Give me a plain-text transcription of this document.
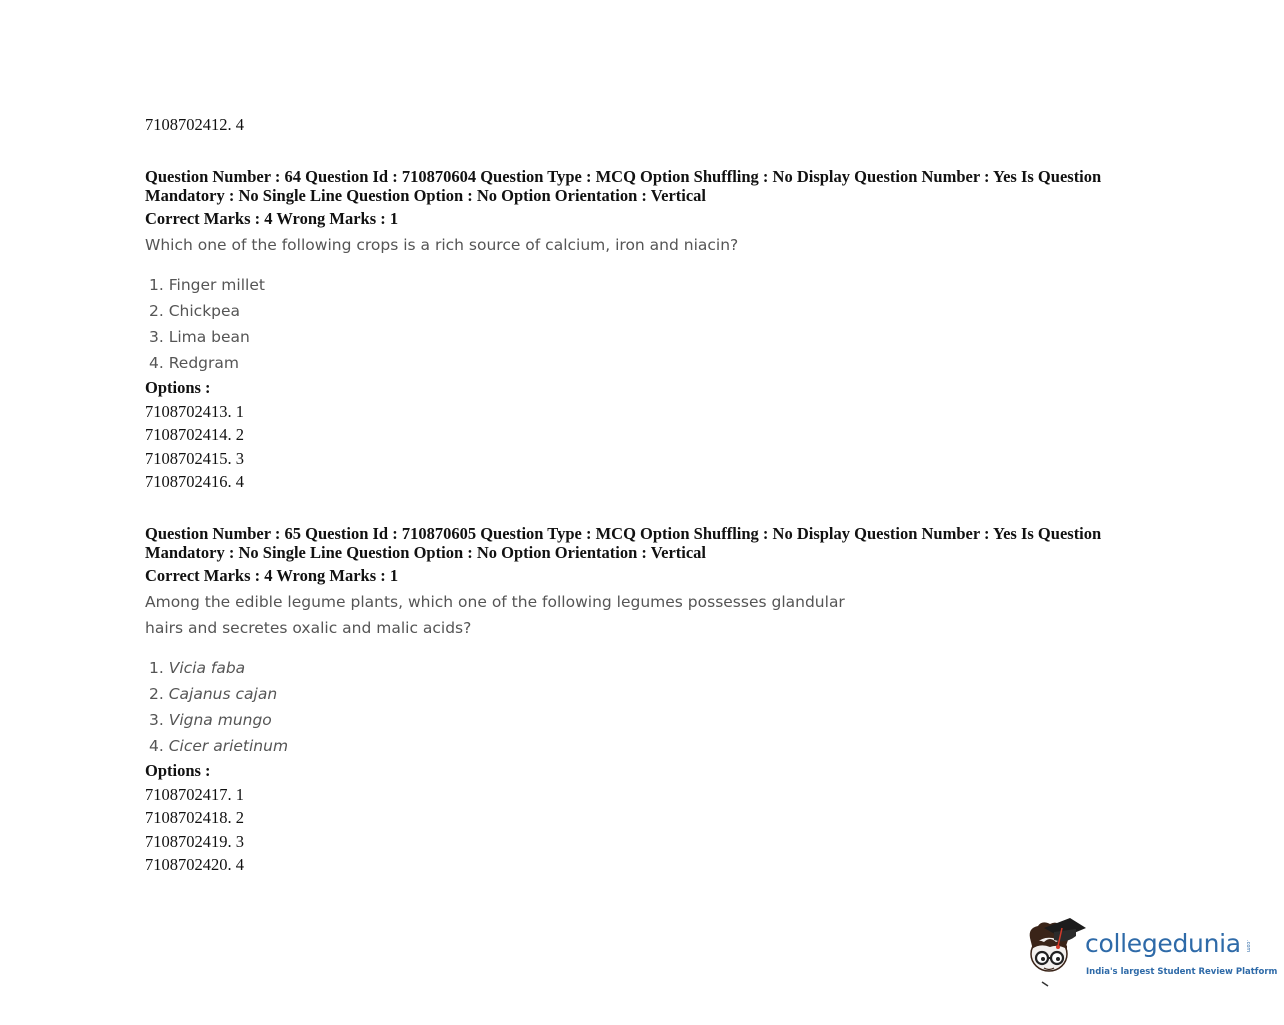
7108702412. 4
Question Number : 64 Question Id : 710870604 Question Type : MCQ Option Shuffling : No Display Question Number : Yes Is Question
Mandatory : No Single Line Question Option : No Option Orientation : Vertical
Correct Marks : 4 Wrong Marks : 1
Which one of the following crops is a rich source of calcium, iron and niacin?
1. Finger millet
2. Chickpea
3. Lima bean
4. Redgram
Options :
7108702413. 1
7108702414. 2
7108702415. 3
7108702416. 4
Question Number : 65 Question Id : 710870605 Question Type : MCQ Option Shuffling : No Display Question Number : Yes Is Question
Mandatory : No Single Line Question Option : No Option Orientation : Vertical
Correct Marks : 4 Wrong Marks : 1
Among the edible legume plants, which one of the following legumes possesses glandular
hairs and secretes oxalic and malic acids?
1. Vicia faba
2. Cajanus cajan
3. Vigna mungo
4. Cicer arietinum
Options :
7108702417. 1
7108702418. 2
7108702419. 3
7108702420. 4
collegedunia .com
India's largest Student Review Platform
